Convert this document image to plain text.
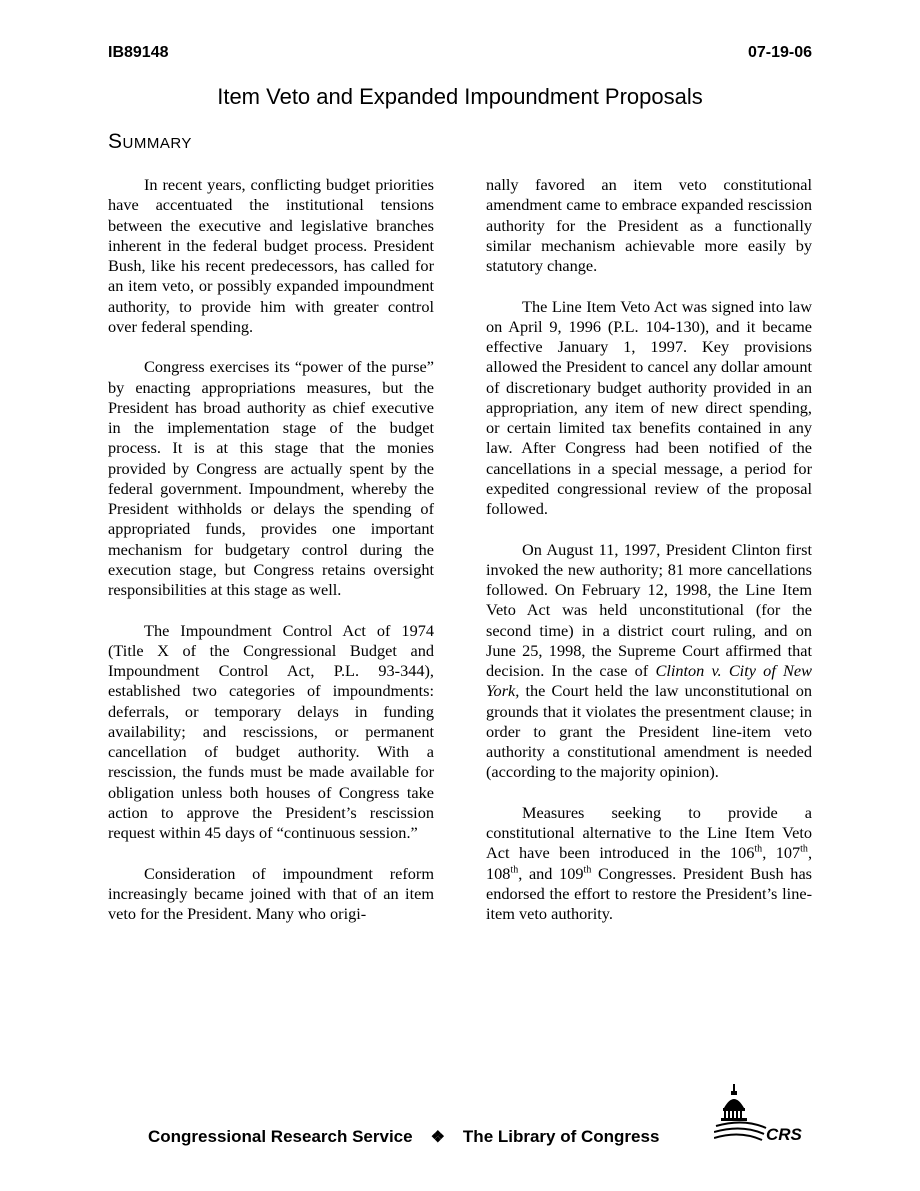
IB89148	07-19-06
Item Veto and Expanded Impoundment Proposals
Summary

In recent years, conflicting budget priorities have accentuated the institutional tensions between the executive and legislative branches inherent in the federal budget process. President Bush, like his recent predecessors, has called for an item veto, or possibly expanded impoundment authority, to provide him with greater control over federal spending.

Congress exercises its “power of the purse” by enacting appropriations measures, but the President has broad authority as chief executive in the implementation stage of the budget process. It is at this stage that the monies provided by Congress are actually spent by the federal government. Impoundment, whereby the President withholds or delays the spending of appropriated funds, provides one important mechanism for budgetary control during the execution stage, but Congress retains oversight responsibilities at this stage as well.

The Impoundment Control Act of 1974 (Title X of the Congressional Budget and Impoundment Control Act, P.L. 93-344), established two categories of impoundments: deferrals, or temporary delays in funding availability; and rescissions, or permanent cancellation of budget authority. With a rescission, the funds must be made available for obligation unless both houses of Congress take action to approve the President’s rescission request within 45 days of “continuous session.”

Consideration of impoundment reform increasingly became joined with that of an item veto for the President. Many who origi-

nally favored an item veto constitutional amendment came to embrace expanded rescission authority for the President as a functionally similar mechanism achievable more easily by statutory change.

The Line Item Veto Act was signed into law on April 9, 1996 (P.L. 104-130), and it became effective January 1, 1997. Key provisions allowed the President to cancel any dollar amount of discretionary budget authority provided in an appropriation, any item of new direct spending, or certain limited tax benefits contained in any law. After Congress had been notified of the cancellations in a special message, a period for expedited congressional review of the proposal followed.

On August 11, 1997, President Clinton first invoked the new authority; 81 more cancellations followed. On February 12, 1998, the Line Item Veto Act was held unconstitutional (for the second time) in a district court ruling, and on June 25, 1998, the Supreme Court affirmed that decision. In the case of Clinton v. City of New York, the Court held the law unconstitutional on grounds that it violates the presentment clause; in order to grant the President line-item veto authority a constitutional amendment is needed (according to the majority opinion).

Measures seeking to provide a constitutional alternative to the Line Item Veto Act have been introduced in the 106th, 107th, 108th, and 109th Congresses. President Bush has endorsed the effort to restore the President’s line-item veto authority.

Congressional Research Service ❖ The Library of Congress	CRS
